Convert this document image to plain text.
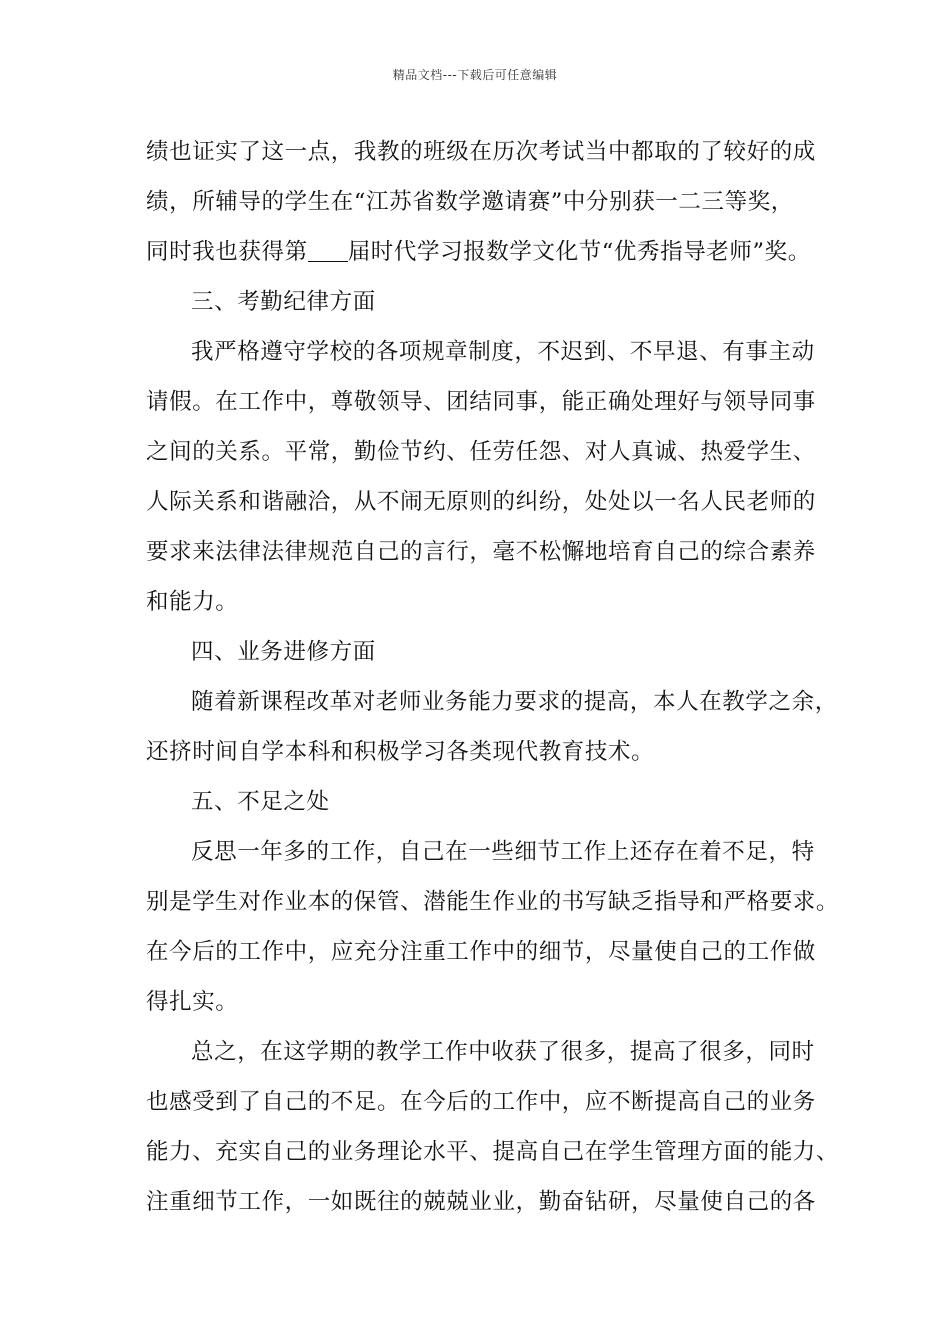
精品文档---下载后可任意编辑
绩也证实了这一点，我教的班级在历次考试当中都取的了较好的成
绩，所辅导的学生在“江苏省数学邀请赛”中分别获一二三等奖，
同时我也获得第 届时代学习报数学文化节“优秀指导老师”奖。
三、考勤纪律方面
我严格遵守学校的各项规章制度，不迟到、不早退、有事主动
请假。在工作中，尊敬领导、团结同事，能正确处理好与领导同事
之间的关系。平常，勤俭节约、任劳任怨、对人真诚、热爱学生、
人际关系和谐融洽，从不闹无原则的纠纷，处处以一名人民老师的
要求来法律法律规范自己的言行，毫不松懈地培育自己的综合素养
和能力。
四、业务进修方面
随着新课程改革对老师业务能力要求的提高，本人在教学之余，
还挤时间自学本科和积极学习各类现代教育技术。
五、不足之处
反思一年多的工作，自己在一些细节工作上还存在着不足，特
别是学生对作业本的保管、潜能生作业的书写缺乏指导和严格要求。
在今后的工作中，应充分注重工作中的细节，尽量使自己的工作做
得扎实。
总之，在这学期的教学工作中收获了很多，提高了很多，同时
也感受到了自己的不足。在今后的工作中，应不断提高自己的业务
能力、充实自己的业务理论水平、提高自己在学生管理方面的能力、
注重细节工作，一如既往的兢兢业业，勤奋钻研，尽量使自己的各
